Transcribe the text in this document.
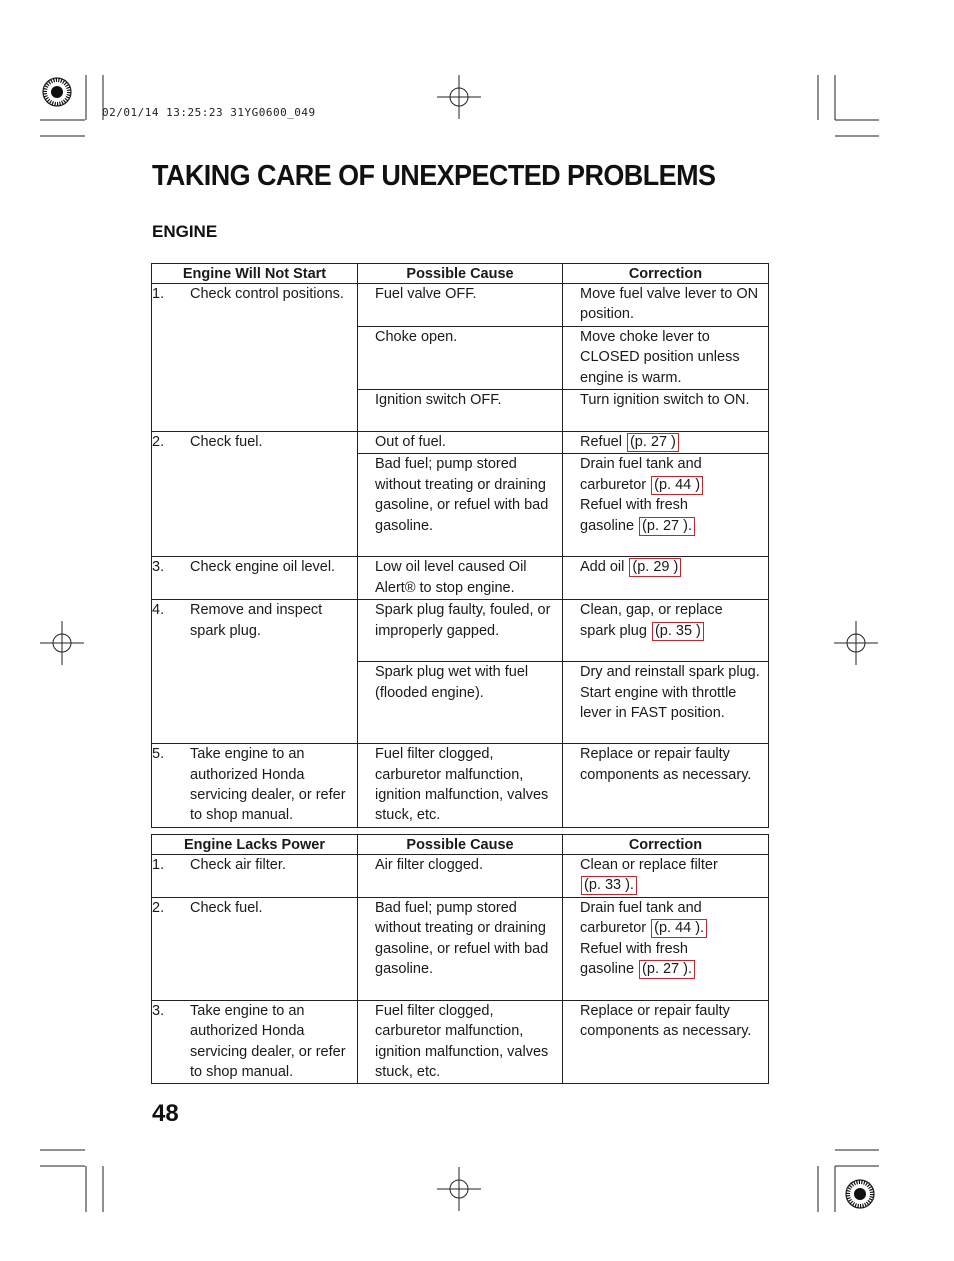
02/01/14 13:25:23 31YG0600_049
TAKING CARE OF UNEXPECTED PROBLEMS
ENGINE
Engine Will Not Start	Possible Cause	Correction

1. Check control positions.	Fuel valve OFF.	Move fuel valve lever to ON position.
	Choke open.	Move choke lever to CLOSED position unless engine is warm.
	Ignition switch OFF.	Turn ignition switch to ON.

2. Check fuel.	Out of fuel.	Refuel (p. 27 )
	Bad fuel; pump stored without treating or draining gasoline, or refuel with bad gasoline.	Drain fuel tank and
carburetor (p. 44 )
Refuel with fresh
gasoline (p. 27 ).

3. Check engine oil level.	Low oil level caused Oil Alert® to stop engine.	Add oil (p. 29 )

4. Remove and inspect spark plug.	Spark plug faulty, fouled, or improperly gapped.	Clean, gap, or replace
spark plug (p. 35 )

	Spark plug wet with fuel (flooded engine).	Dry and reinstall spark plug. Start engine with throttle lever in FAST position.

5. Take engine to an authorized Honda servicing dealer, or refer to shop manual.	Fuel filter clogged, carburetor malfunction, ignition malfunction, valves stuck, etc.	Replace or repair faulty components as necessary.
Engine Lacks Power	Possible Cause	Correction

1. Check air filter.	Air filter clogged.	Clean or replace filter
(p. 33 ).

2. Check fuel.	Bad fuel; pump stored without treating or draining gasoline, or refuel with bad gasoline.	Drain fuel tank and
carburetor (p. 44 ).
Refuel with fresh
gasoline (p. 27 ).

3. Take engine to an authorized Honda servicing dealer, or refer to shop manual.	Fuel filter clogged, carburetor malfunction, ignition malfunction, valves stuck, etc.	Replace or repair faulty components as necessary.
48
